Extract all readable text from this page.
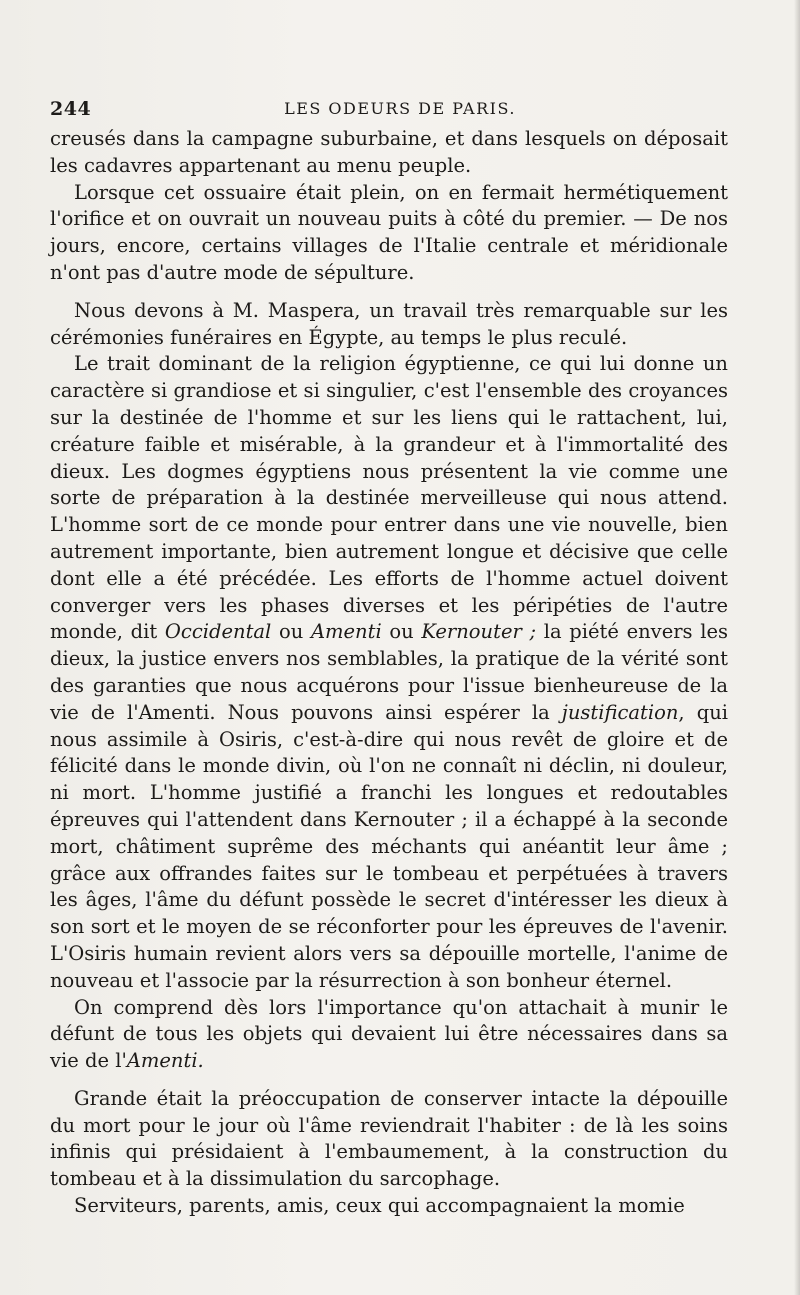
244	LES ODEURS DE PARIS.

creusés dans la campagne suburbaine, et dans lesquels on déposait les cadavres appartenant au menu peuple.

Lorsque cet ossuaire était plein, on en fermait hermétiquement l'orifice et on ouvrait un nouveau puits à côté du premier. — De nos jours, encore, certains villages de l'Italie centrale et méridionale n'ont pas d'autre mode de sépulture.

Nous devons à M. Maspera, un travail très remarquable sur les cérémonies funéraires en Égypte, au temps le plus reculé.

Le trait dominant de la religion égyptienne, ce qui lui donne un caractère si grandiose et si singulier, c'est l'ensemble des croyances sur la destinée de l'homme et sur les liens qui le rattachent, lui, créature faible et misérable, à la grandeur et à l'immortalité des dieux. Les dogmes égyptiens nous présentent la vie comme une sorte de préparation à la destinée merveilleuse qui nous attend. L'homme sort de ce monde pour entrer dans une vie nouvelle, bien autrement importante, bien autrement longue et décisive que celle dont elle a été précédée. Les efforts de l'homme actuel doivent converger vers les phases diverses et les péripéties de l'autre monde, dit Occidental ou Amenti ou Kernouter ; la piété envers les dieux, la justice envers nos semblables, la pratique de la vérité sont des garanties que nous acquérons pour l'issue bienheureuse de la vie de l'Amenti. Nous pouvons ainsi espérer la justification, qui nous assimile à Osiris, c'est-à-dire qui nous revêt de gloire et de félicité dans le monde divin, où l'on ne connaît ni déclin, ni douleur, ni mort. L'homme justifié a franchi les longues et redoutables épreuves qui l'attendent dans Kernouter ; il a échappé à la seconde mort, châtiment suprême des méchants qui anéantit leur âme ; grâce aux offrandes faites sur le tombeau et perpétuées à travers les âges, l'âme du défunt possède le secret d'intéresser les dieux à son sort et le moyen de se réconforter pour les épreuves de l'avenir. L'Osiris humain revient alors vers sa dépouille mortelle, l'anime de nouveau et l'associe par la résurrection à son bonheur éternel.

On comprend dès lors l'importance qu'on attachait à munir le défunt de tous les objets qui devaient lui être nécessaires dans sa vie de l'Amenti.

Grande était la préoccupation de conserver intacte la dépouille du mort pour le jour où l'âme reviendrait l'habiter : de là les soins infinis qui présidaient à l'embaumement, à la construction du tombeau et à la dissimulation du sarcophage.

Serviteurs, parents, amis, ceux qui accompagnaient la momie
